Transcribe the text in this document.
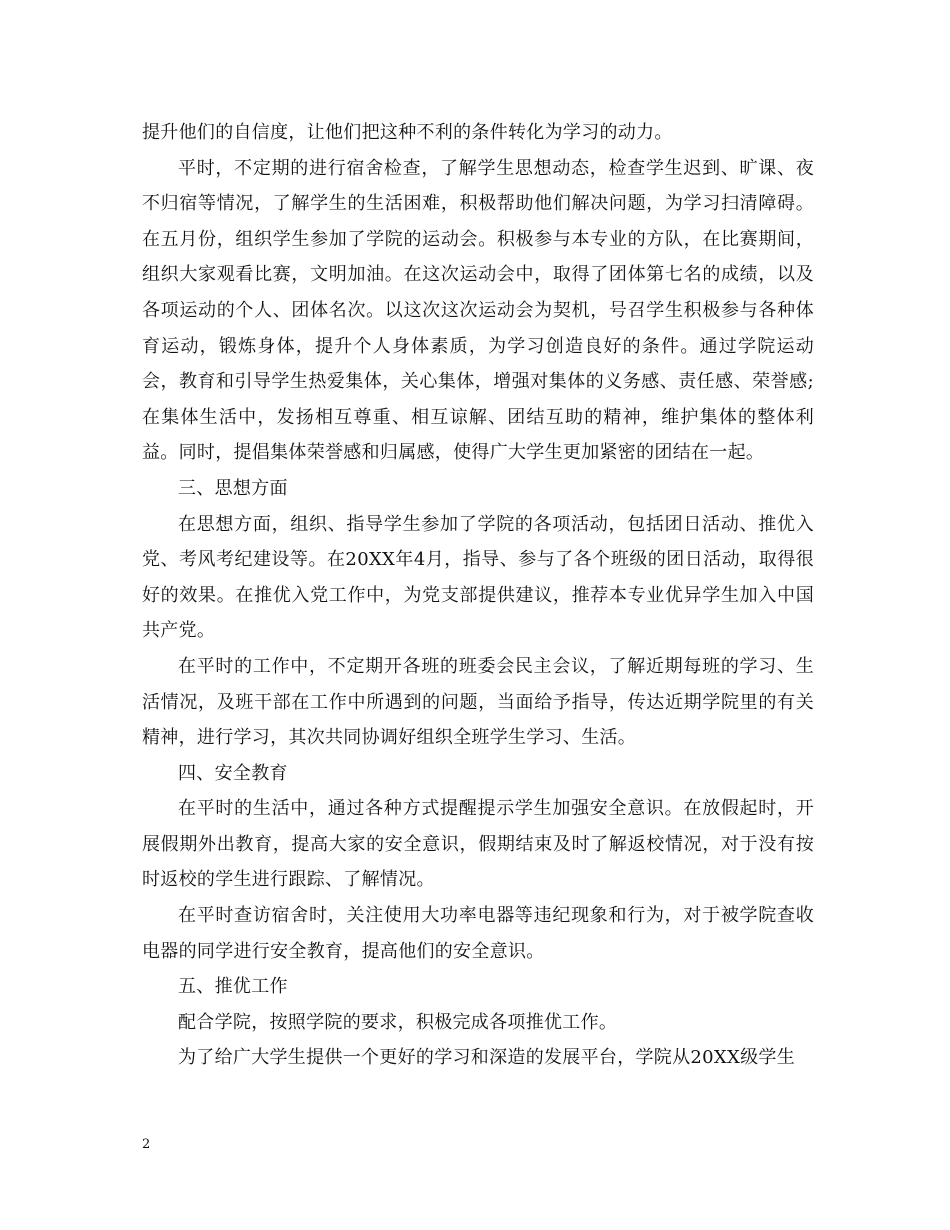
提升他们的自信度，让他们把这种不利的条件转化为学习的动力。

平时，不定期的进行宿舍检查，了解学生思想动态，检查学生迟到、旷课、夜不归宿等情况，了解学生的生活困难，积极帮助他们解决问题，为学习扫清障碍。在五月份，组织学生参加了学院的运动会。积极参与本专业的方队，在比赛期间，组织大家观看比赛，文明加油。在这次运动会中，取得了团体第七名的成绩，以及各项运动的个人、团体名次。以这次这次运动会为契机，号召学生积极参与各种体育运动，锻炼身体，提升个人身体素质，为学习创造良好的条件。通过学院运动会，教育和引导学生热爱集体，关心集体，增强对集体的义务感、责任感、荣誉感;在集体生活中，发扬相互尊重、相互谅解、团结互助的精神，维护集体的整体利益。同时，提倡集体荣誉感和归属感，使得广大学生更加紧密的团结在一起。

三、思想方面

在思想方面，组织、指导学生参加了学院的各项活动，包括团日活动、推优入党、考风考纪建设等。在20XX年4月，指导、参与了各个班级的团日活动，取得很好的效果。在推优入党工作中，为党支部提供建议，推荐本专业优异学生加入中国共产党。

在平时的工作中，不定期开各班的班委会民主会议，了解近期每班的学习、生活情况，及班干部在工作中所遇到的问题，当面给予指导，传达近期学院里的有关精神，进行学习，其次共同协调好组织全班学生学习、生活。

四、安全教育

在平时的生活中，通过各种方式提醒提示学生加强安全意识。在放假起时，开展假期外出教育，提高大家的安全意识，假期结束及时了解返校情况，对于没有按时返校的学生进行跟踪、了解情况。

在平时查访宿舍时，关注使用大功率电器等违纪现象和行为，对于被学院查收电器的同学进行安全教育，提高他们的安全意识。

五、推优工作

配合学院，按照学院的要求，积极完成各项推优工作。

为了给广大学生提供一个更好的学习和深造的发展平台，学院从20XX级学生

2
